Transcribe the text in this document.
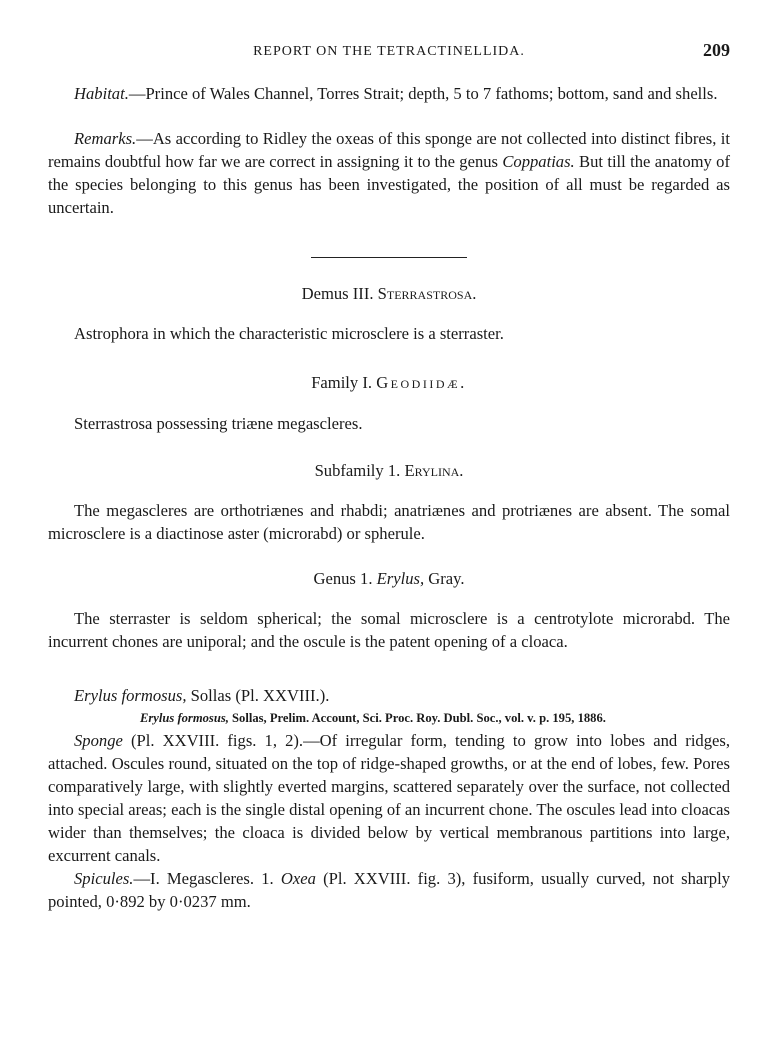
REPORT ON THE TETRACTINELLIDA.	209

Habitat.—Prince of Wales Channel, Torres Strait; depth, 5 to 7 fathoms; bottom, sand and shells.

Remarks.—As according to Ridley the oxeas of this sponge are not collected into distinct fibres, it remains doubtful how far we are correct in assigning it to the genus Coppatias. But till the anatomy of the species belonging to this genus has been investigated, the position of all must be regarded as uncertain.

Demus III. Sterrastrosa.

Astrophora in which the characteristic microsclere is a sterraster.

Family I. Geodiidæ.

Sterrastrosa possessing triæne megascleres.

Subfamily 1. Erylina.

The megascleres are orthotriænes and rhabdi; anatriænes and protriænes are absent. The somal microsclere is a diactinose aster (microrabd) or spherule.

Genus 1. Erylus, Gray.

The sterraster is seldom spherical; the somal microsclere is a centrotylote microrabd. The incurrent chones are uniporal; and the oscule is the patent opening of a cloaca.

Erylus formosus, Sollas (Pl. XXVIII.).

Erylus formosus, Sollas, Prelim. Account, Sci. Proc. Roy. Dubl. Soc., vol. v. p. 195, 1886.

Sponge (Pl. XXVIII. figs. 1, 2).—Of irregular form, tending to grow into lobes and ridges, attached. Oscules round, situated on the top of ridge-shaped growths, or at the end of lobes, few. Pores comparatively large, with slightly everted margins, scattered separately over the surface, not collected into special areas; each is the single distal opening of an incurrent chone. The oscules lead into cloacas wider than themselves; the cloaca is divided below by vertical membranous partitions into large, excurrent canals.

Spicules.—I. Megascleres. 1. Oxea (Pl. XXVIII. fig. 3), fusiform, usually curved, not sharply pointed, 0·892 by 0·0237 mm.
